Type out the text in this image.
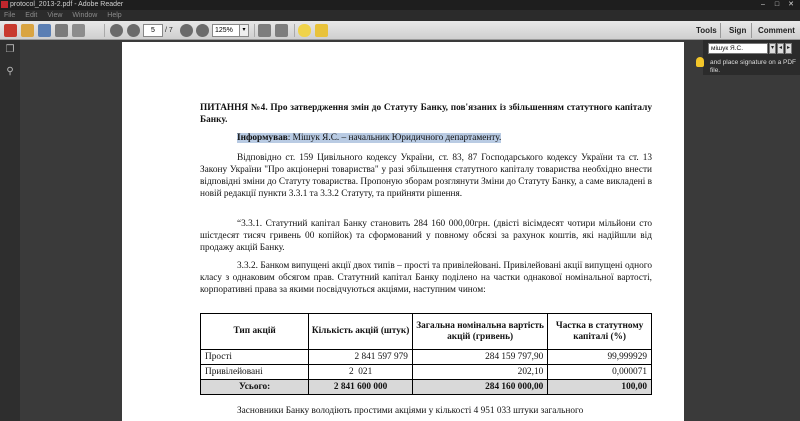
protocol_2013-2.pdf - Adobe Reader	–	□	✕
File Edit View Window Help
5	/ 7	125%	▾	Tools Sign Comment
❐
⚲
ПИТАННЯ №4. Про затвердження змін до Статуту Банку, пов'язаних із збільшенням статутного капіталу Банку.
Інформував: Мішук Я.С. – начальник Юридичного департаменту.
Відповідно ст. 159 Цивільного кодексу України, ст. 83, 87 Господарського кодексу України та ст. 13 Закону України "Про акціонерні товариства" у разі збільшення статутного капіталу товариства необхідно внести відповідні зміни до Статуту товариства. Пропоную зборам розглянути Зміни до Статуту Банку, а саме викладені в новій редакції пункти 3.3.1 та 3.3.2 Статуту, та прийняти рішення.
“3.3.1. Статутний капітал Банку становить 284 160 000,00грн. (двісті вісімдесят чотири мільйони сто шістдесят тисяч гривень 00 копійок) та сформований у повному обсязі за рахунок коштів, які надійшли від продажу акцій Банку.
3.3.2. Банком випущені акції двох типів – прості та привілейовані. Привілейовані акції випущені одного класу з однаковим обсягом прав. Статутний капітал Банку поділено на частки однакової номінальної вартості, корпоративні права за якими посвідчуються акціями, наступним чином:
Тип акцій	Кількість акцій (штук)	Загальна номінальна вартість акцій (гривень)	Частка в статутному капіталі (%)
Прості	2 841 597 979	284 159 797,90	99,999929
Привілейовані	2  021	202,10	0,000071
Усього:	2 841 600 000	284 160 000,00	100,00
Засновники Банку володіють простими акціями у кількості 4 951 033 штуки загального
мішук Я.С.	▾ ◂ ▸
and place signature on a PDF file.
